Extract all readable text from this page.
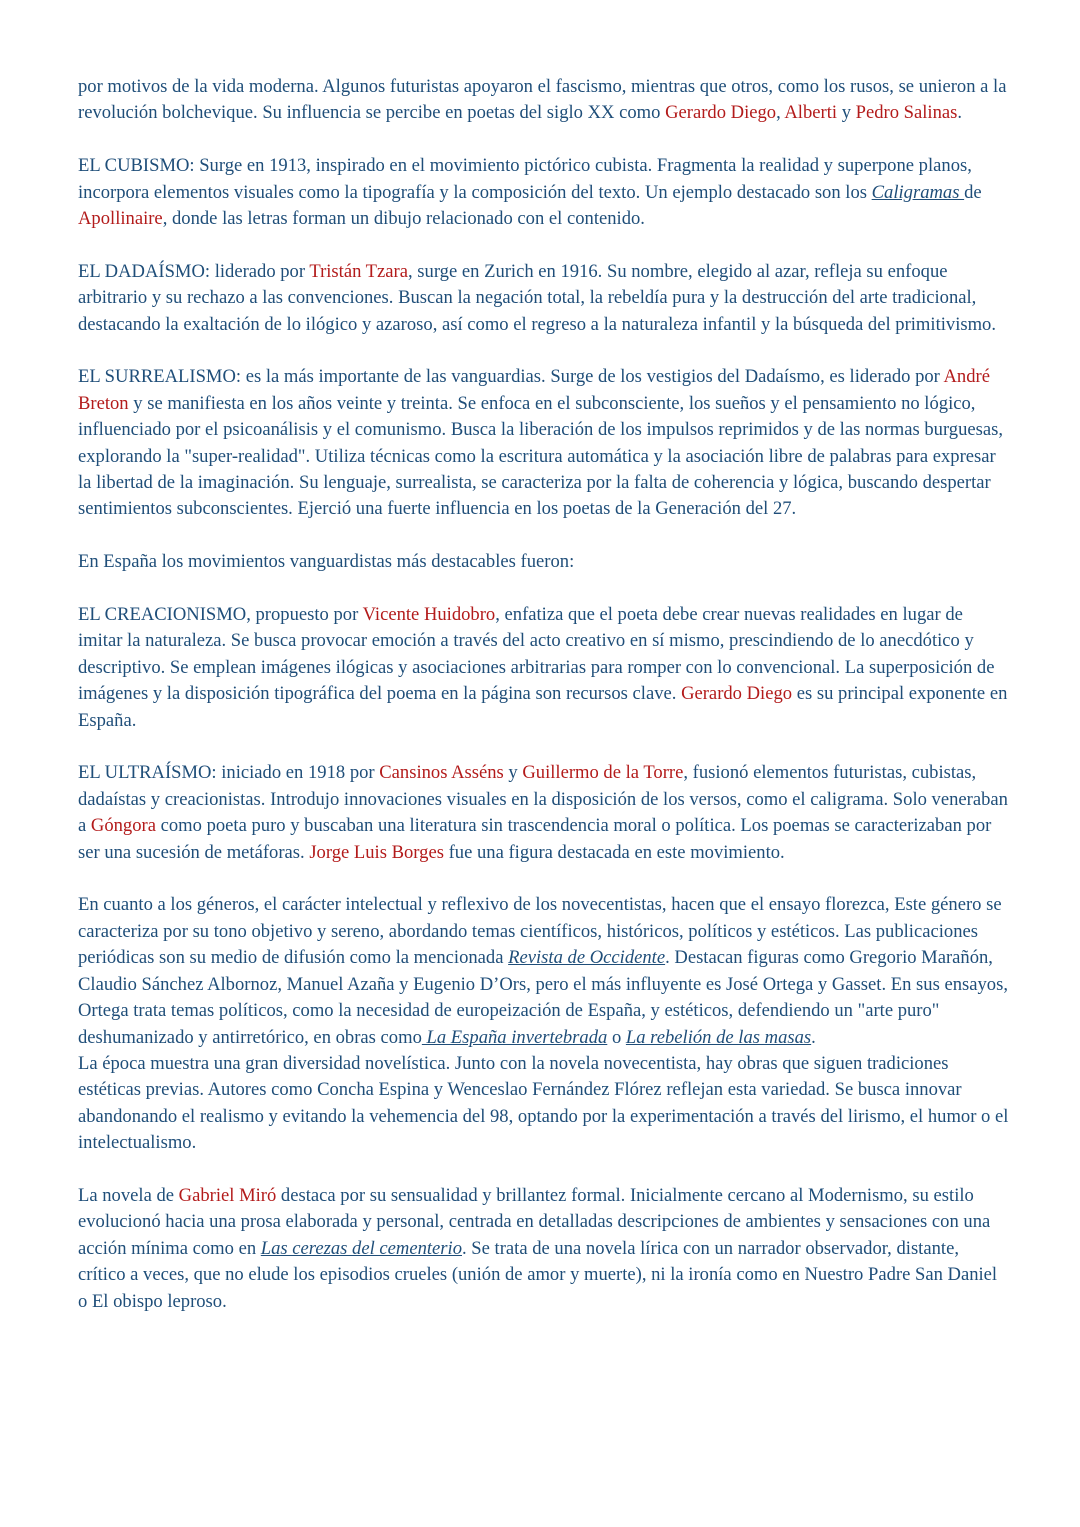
por motivos de la vida moderna. Algunos futuristas apoyaron el fascismo, mientras que otros, como los rusos, se unieron a la revolución bolchevique. Su influencia se percibe en poetas del siglo XX como Gerardo Diego, Alberti y Pedro Salinas.

EL CUBISMO: Surge en 1913, inspirado en el movimiento pictórico cubista. Fragmenta la realidad y superpone planos, incorpora elementos visuales como la tipografía y la composición del texto. Un ejemplo destacado son los Caligramas de Apollinaire, donde las letras forman un dibujo relacionado con el contenido.

EL DADAÍSMO: liderado por Tristán Tzara, surge en Zurich en 1916. Su nombre, elegido al azar, refleja su enfoque arbitrario y su rechazo a las convenciones. Buscan la negación total, la rebeldía pura y la destrucción del arte tradicional, destacando la exaltación de lo ilógico y azaroso, así como el regreso a la naturaleza infantil y la búsqueda del primitivismo.

EL SURREALISMO: es la más importante de las vanguardias. Surge de los vestigios del Dadaísmo, es liderado por André Breton y se manifiesta en los años veinte y treinta. Se enfoca en el subconsciente, los sueños y el pensamiento no lógico, influenciado por el psicoanálisis y el comunismo. Busca la liberación de los impulsos reprimidos y de las normas burguesas, explorando la "super-realidad". Utiliza técnicas como la escritura automática y la asociación libre de palabras para expresar la libertad de la imaginación. Su lenguaje, surrealista, se caracteriza por la falta de coherencia y lógica, buscando despertar sentimientos subconscientes. Ejerció una fuerte influencia en los poetas de la Generación del 27.

En España los movimientos vanguardistas más destacables fueron:

EL CREACIONISMO, propuesto por Vicente Huidobro, enfatiza que el poeta debe crear nuevas realidades en lugar de imitar la naturaleza. Se busca provocar emoción a través del acto creativo en sí mismo, prescindiendo de lo anecdótico y descriptivo. Se emplean imágenes ilógicas y asociaciones arbitrarias para romper con lo convencional. La superposición de imágenes y la disposición tipográfica del poema en la página son recursos clave. Gerardo Diego es su principal exponente en España.

EL ULTRAÍSMO: iniciado en 1918 por Cansinos Asséns y Guillermo de la Torre, fusionó elementos futuristas, cubistas, dadaístas y creacionistas. Introdujo innovaciones visuales en la disposición de los versos, como el caligrama. Solo veneraban a Góngora como poeta puro y buscaban una literatura sin trascendencia moral o política. Los poemas se caracterizaban por ser una sucesión de metáforas. Jorge Luis Borges fue una figura destacada en este movimiento.

En cuanto a los géneros, el carácter intelectual y reflexivo de los novecentistas, hacen que el ensayo florezca, Este género se caracteriza por su tono objetivo y sereno, abordando temas científicos, históricos, políticos y estéticos. Las publicaciones periódicas son su medio de difusión como la mencionada Revista de Occidente. Destacan figuras como Gregorio Marañón, Claudio Sánchez Albornoz, Manuel Azaña y Eugenio D’Ors, pero el más influyente es José Ortega y Gasset. En sus ensayos, Ortega trata temas políticos, como la necesidad de europeización de España, y estéticos, defendiendo un "arte puro" deshumanizado y antirretórico, en obras como La España invertebrada o La rebelión de las masas.

La época muestra una gran diversidad novelística. Junto con la novela novecentista, hay obras que siguen tradiciones estéticas previas. Autores como Concha Espina y Wenceslao Fernández Flórez reflejan esta variedad. Se busca innovar abandonando el realismo y evitando la vehemencia del 98, optando por la experimentación a través del lirismo, el humor o el intelectualismo.

La novela de Gabriel Miró destaca por su sensualidad y brillantez formal. Inicialmente cercano al Modernismo, su estilo evolucionó hacia una prosa elaborada y personal, centrada en detalladas descripciones de ambientes y sensaciones con una acción mínima como en Las cerezas del cementerio. Se trata de una novela lírica con un narrador observador, distante, crítico a veces, que no elude los episodios crueles (unión de amor y muerte), ni la ironía como en Nuestro Padre San Daniel o El obispo leproso.
